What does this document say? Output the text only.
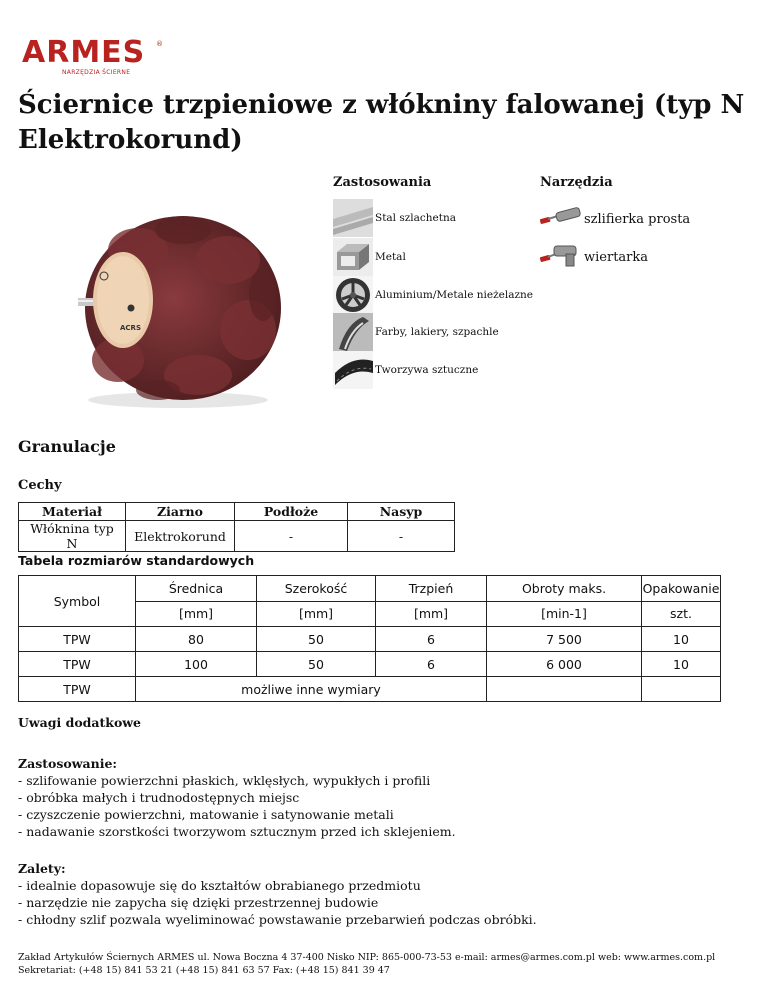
ARMES	®
NARZĘDZIA ŚCIERNE
Ściernice trzpieniowe z włókniny falowanej (typ N Elektrokorund)
ACRS
Zastosowania	Narzędzia
Stal szlachetna
Metal
Aluminium/Metale nieżelazne
Farby, lakiery, szpachle
Tworzywa sztuczne
szlifierka prosta
wiertarka
Granulacje
Cechy
Materiał	Ziarno	Podłoże	Nasyp
Włóknina typ N	Elektrokorund	-	-
Tabela rozmiarów standardowych
Symbol	Średnica	Szerokość	Trzpień	Obroty maks.	Opakowanie
	[mm]	[mm]	[mm]	[min-1]	szt.
TPW	80	50	6	7 500	10
TPW	100	50	6	6 000	10
TPW	możliwe inne wymiary				
Uwagi dodatkowe
Zastosowanie:
- szlifowanie powierzchni płaskich, wklęsłych, wypukłych i profili
- obróbka małych i trudnodostępnych miejsc
- czyszczenie powierzchni, matowanie i satynowanie metali
- nadawanie szorstkości tworzywom sztucznym przed ich sklejeniem.
Zalety:
- idealnie dopasowuje się do kształtów obrabianego przedmiotu
- narzędzie nie zapycha się dzięki przestrzennej budowie
- chłodny szlif pozwala wyeliminować powstawanie przebarwień podczas obróbki.
Zakład Artykułów Ściernych ARMES ul. Nowa Boczna 4 37-400 Nisko NIP: 865-000-73-53 e-mail: armes@armes.com.pl web: www.armes.com.pl
Sekretariat: (+48 15) 841 53 21 (+48 15) 841 63 57 Fax: (+48 15) 841 39 47
